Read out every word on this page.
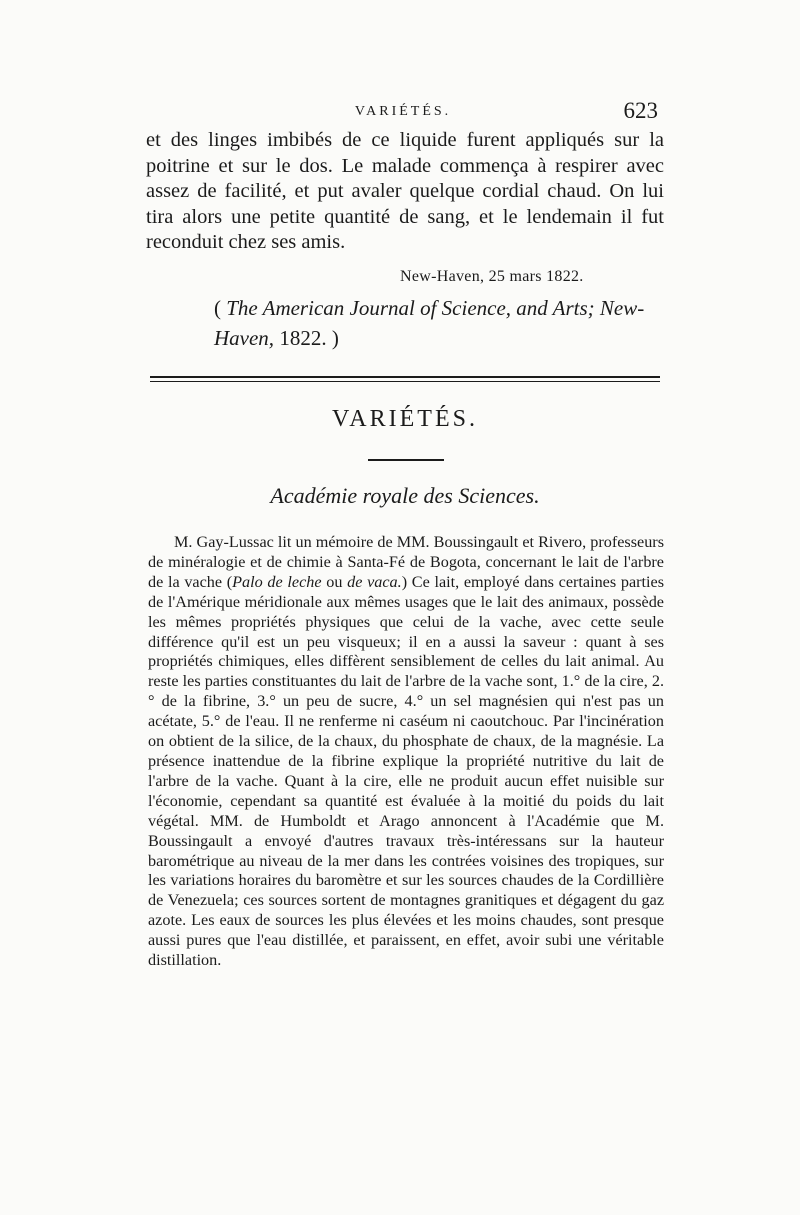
VARIÉTÉS.	623

et des linges imbibés de ce liquide furent appliqués sur la poitrine et sur le dos. Le malade commença à respirer avec assez de facilité, et put avaler quelque cordial chaud. On lui tira alors une petite quantité de sang, et le lendemain il fut reconduit chez ses amis.

New-Haven, 25 mars 1822.
( The American Journal of Science, and Arts; New-Haven, 1822. )
VARIÉTÉS.
Académie royale des Sciences.

M. Gay-Lussac lit un mémoire de MM. Boussingault et Rivero, professeurs de minéralogie et de chimie à Santa-Fé de Bogota, concernant le lait de l'arbre de la vache (Palo de leche ou de vaca.) Ce lait, employé dans certaines parties de l'Amérique méridionale aux mêmes usages que le lait des animaux, possède les mêmes propriétés physiques que celui de la vache, avec cette seule différence qu'il est un peu visqueux; il en a aussi la saveur : quant à ses propriétés chimiques, elles diffèrent sensiblement de celles du lait animal. Au reste les parties constituantes du lait de l'arbre de la vache sont, 1.° de la cire, 2.° de la fibrine, 3.° un peu de sucre, 4.° un sel magnésien qui n'est pas un acétate, 5.° de l'eau. Il ne renferme ni caséum ni caoutchouc. Par l'incinération on obtient de la silice, de la chaux, du phosphate de chaux, de la magnésie. La présence inattendue de la fibrine explique la propriété nutritive du lait de l'arbre de la vache. Quant à la cire, elle ne produit aucun effet nuisible sur l'économie, cependant sa quantité est évaluée à la moitié du poids du lait végétal. MM. de Humboldt et Arago annoncent à l'Académie que M. Boussingault a envoyé d'autres travaux très-intéressans sur la hauteur barométrique au niveau de la mer dans les contrées voisines des tropiques, sur les variations horaires du baromètre et sur les sources chaudes de la Cordillière de Venezuela; ces sources sortent de montagnes granitiques et dégagent du gaz azote. Les eaux de sources les plus élevées et les moins chaudes, sont presque aussi pures que l'eau distillée, et paraissent, en effet, avoir subi une véritable distillation.
